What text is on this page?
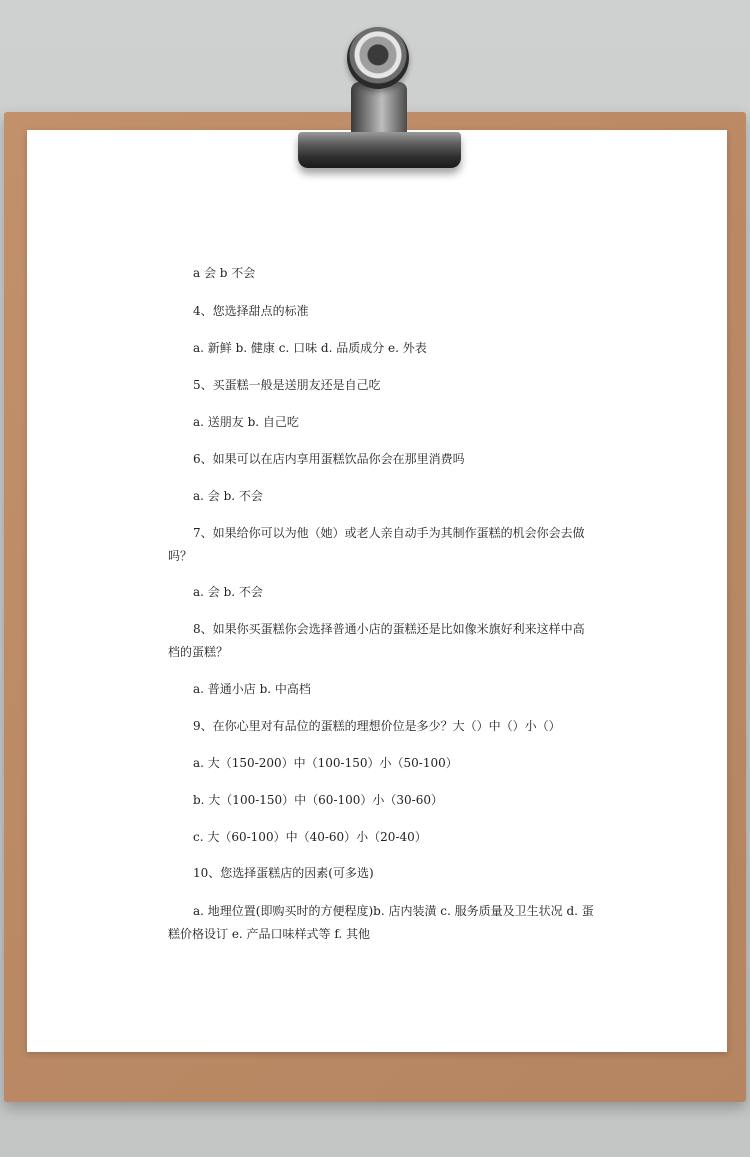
a 会 b 不会

4、您选择甜点的标准

a. 新鲜 b. 健康 c. 口味 d. 品质成分 e. 外表

5、买蛋糕一般是送朋友还是自己吃

a. 送朋友 b. 自己吃

6、如果可以在店内享用蛋糕饮品你会在那里消费吗

a. 会 b. 不会

7、如果给你可以为他（她）或老人亲自动手为其制作蛋糕的机会你会去做

吗？

a. 会 b. 不会

8、如果你买蛋糕你会选择普通小店的蛋糕还是比如像米旗好利来这样中高

档的蛋糕？

a. 普通小店 b. 中高档

9、在你心里对有品位的蛋糕的理想价位是多少？大（）中（）小（）

a. 大（150-200）中（100-150）小（50-100）

b. 大（100-150）中（60-100）小（30-60）

c. 大（60-100）中（40-60）小（20-40）

10、您选择蛋糕店的因素(可多选)

a. 地理位置(即购买时的方便程度)b. 店内装潢 c. 服务质量及卫生状况 d. 蛋

糕价格设订 e. 产品口味样式等 f. 其他
